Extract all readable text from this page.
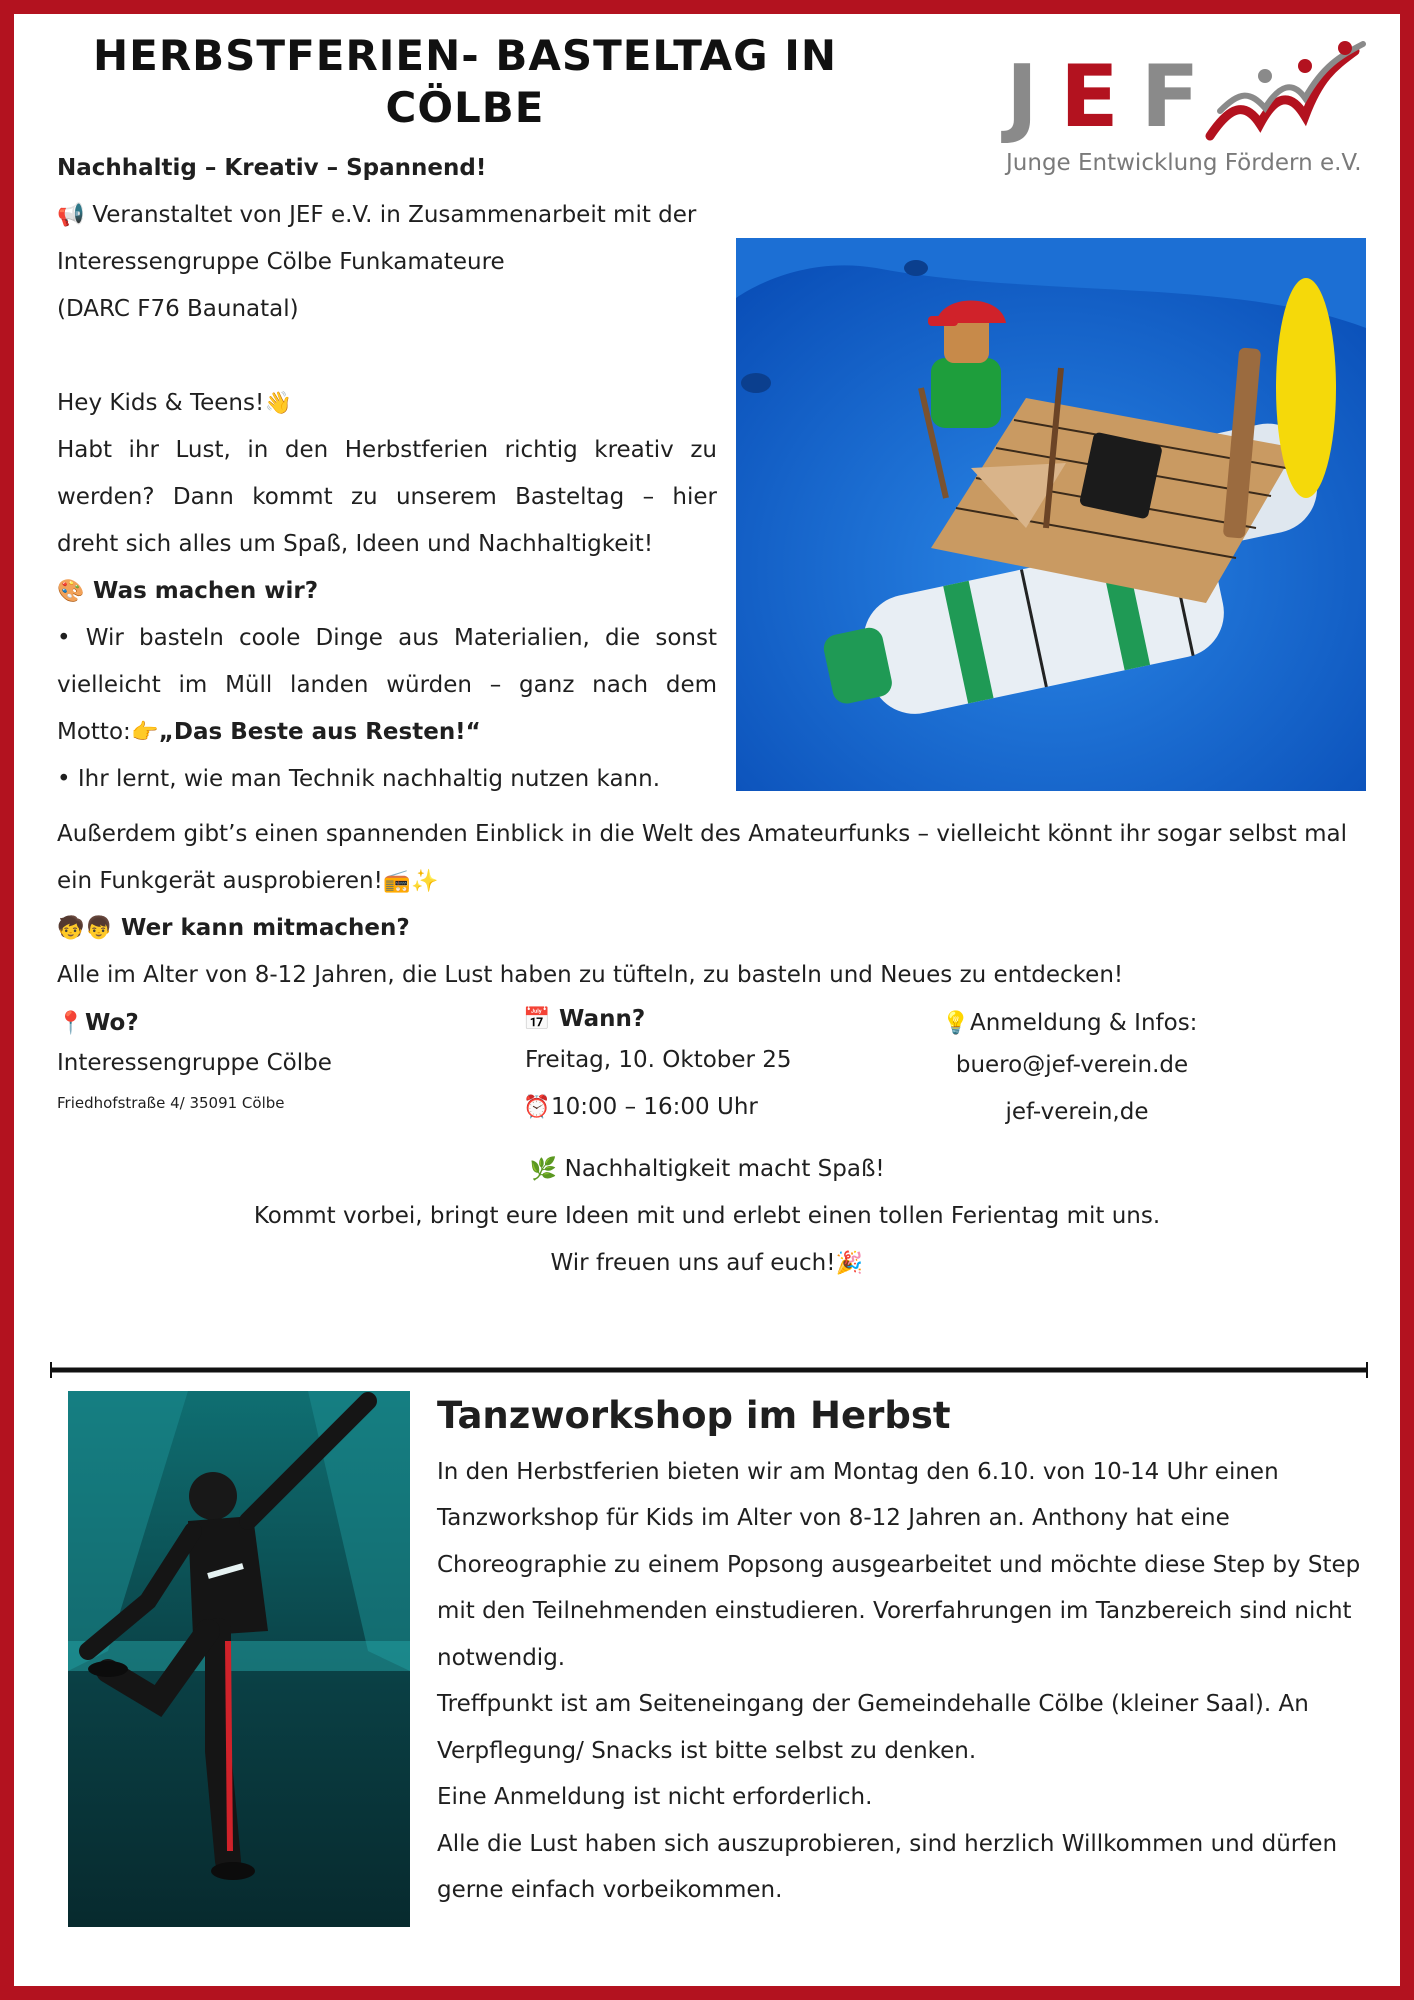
HERBSTFERIEN- BASTELTAG IN CÖLBE	JEF
Junge Entwicklung Fördern e.V.
Nachhaltig – Kreativ – Spannend!
📢 Veranstaltet von JEF e.V. in Zusammenarbeit mit der
Interessengruppe Cölbe Funkamateure
(DARC F76 Baunatal)
Hey Kids & Teens!👋
Habt ihr Lust, in den Herbstferien richtig kreativ zu
werden? Dann kommt zu unserem Basteltag – hier
dreht sich alles um Spaß, Ideen und Nachhaltigkeit!
🎨 Was machen wir?
• Wir basteln coole Dinge aus Materialien, die sonst
vielleicht im Müll landen würden – ganz nach dem
Motto:👉„Das Beste aus Resten!“
• Ihr lernt, wie man Technik nachhaltig nutzen kann.
Außerdem gibt’s einen spannenden Einblick in die Welt des Amateurfunks – vielleicht könnt ihr sogar selbst mal
ein Funkgerät ausprobieren!📻✨
🧒👦 Wer kann mitmachen?
Alle im Alter von 8-12 Jahren, die Lust haben zu tüfteln, zu basteln und Neues zu entdecken!
📍Wo?
Interessengruppe Cölbe
Friedhofstraße 4/ 35091 Cölbe
📅 Wann?
Freitag, 10. Oktober 25
⏰10:00 – 16:00 Uhr
💡Anmeldung & Infos:
buero@jef-verein.de
jef-verein,de
🌿 Nachhaltigkeit macht Spaß!
Kommt vorbei, bringt eure Ideen mit und erlebt einen tollen Ferientag mit uns.
Wir freuen uns auf euch!🎉
Tanzworkshop im Herbst
In den Herbstferien bieten wir am Montag den 6.10. von 10-14 Uhr einen
Tanzworkshop für Kids im Alter von 8-12 Jahren an. Anthony hat eine
Choreographie zu einem Popsong ausgearbeitet und möchte diese Step by Step
mit den Teilnehmenden einstudieren. Vorerfahrungen im Tanzbereich sind nicht
notwendig.
Treffpunkt ist am Seiteneingang der Gemeindehalle Cölbe (kleiner Saal). An
Verpflegung/ Snacks ist bitte selbst zu denken.
Eine Anmeldung ist nicht erforderlich.
Alle die Lust haben sich auszuprobieren, sind herzlich Willkommen und dürfen
gerne einfach vorbeikommen.
